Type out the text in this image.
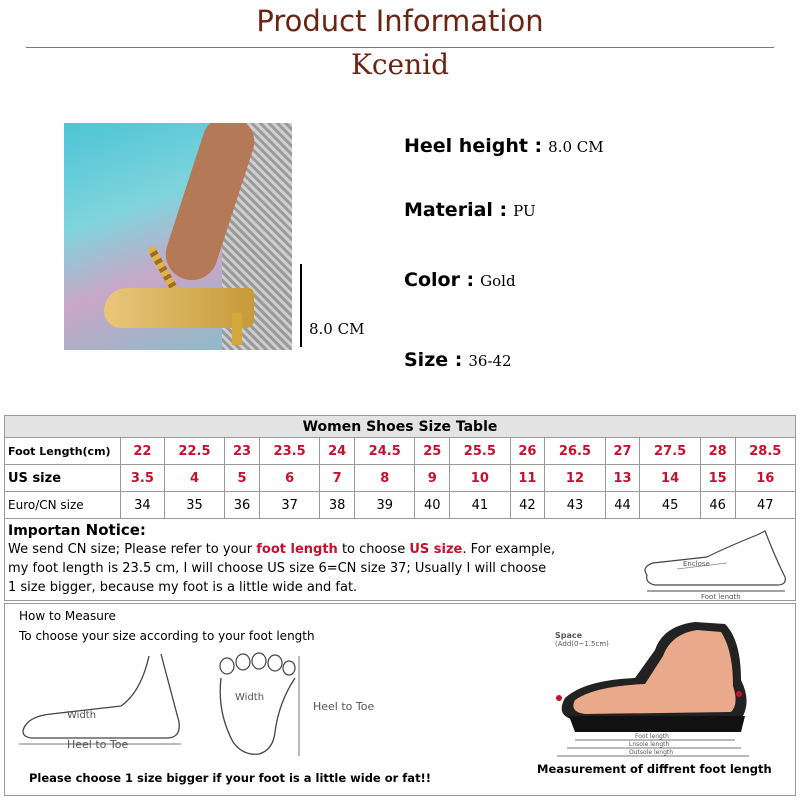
Product Information
Kcenid
8.0 CM
Heel height : 8.0 CM
Material : PU
Color : Gold
Size : 36-42
Women Shoes Size Table														
Foot Length(cm)	22	22.5	23	23.5	24	24.5	25	25.5	26	26.5	27	27.5	28	28.5
US size	3.5	4	5	6	7	8	9	10	11	12	13	14	15	16
Euro/CN size	34	35	36	37	38	39	40	41	42	43	44	45	46	47
Importan Notice:
We send CN size; Please refer to your foot length to choose US size. For example,
my foot length is 23.5 cm, I will choose US size 6=CN size 37; Usually I will choose
1 size bigger, because my foot is a little wide and fat.
Enclose
Foot length
How to Measure
To choose your size according to your foot length
Width
Heel to Toe
Width
Heel to Toe
Space
(Add(0~1.5cm)
Foot length
Lnsole length
Outsole length
Measurement of diffrent foot length
Please choose 1 size bigger if your foot is a little wide or fat!!
